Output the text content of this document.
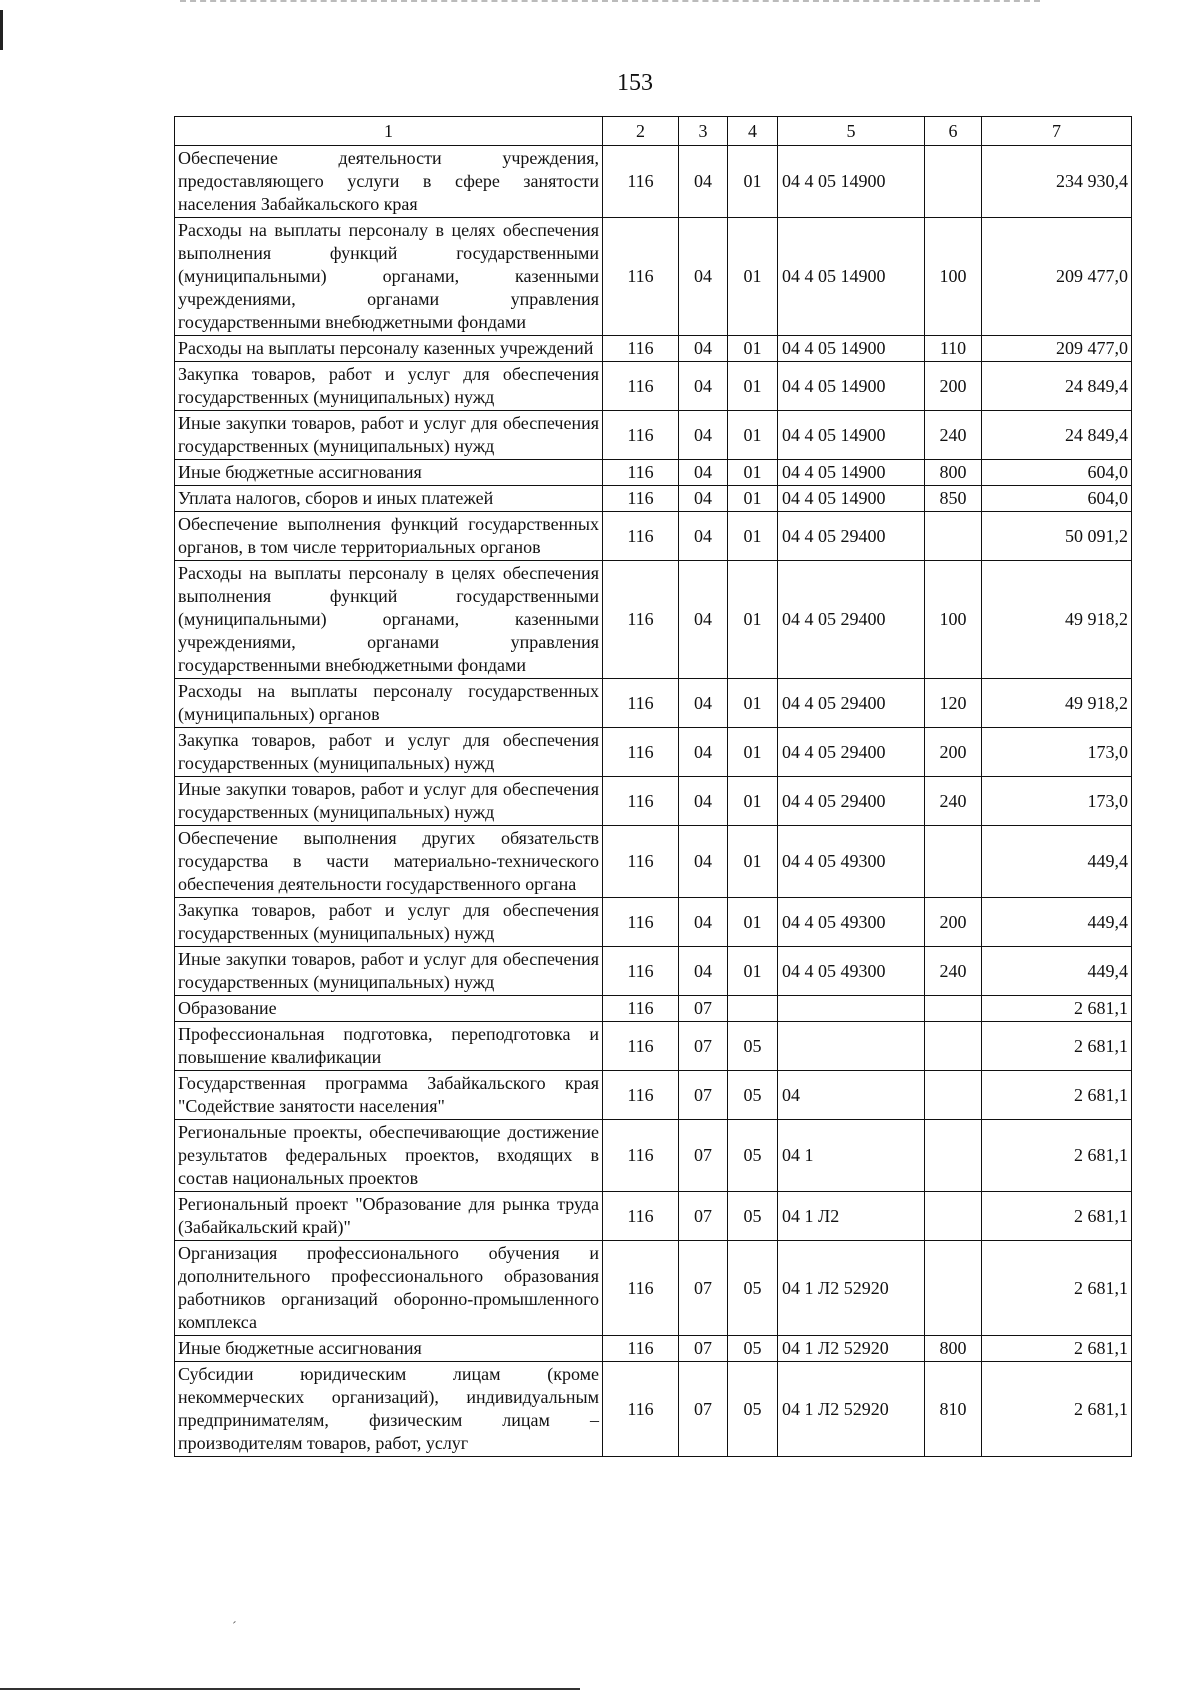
153
1	2	3	4	5	6	7
Обеспечение деятельности учреждения, предоставляющего услуги в сфере занятости населения Забайкальского края	116	04	01	04 4 05 14900		234 930,4
Расходы на выплаты персоналу в целях обеспечения выполнения функций государственными (муниципальными) органами, казенными учреждениями, органами управления государственными внебюджетными фондами	116	04	01	04 4 05 14900	100	209 477,0
Расходы на выплаты персоналу казенных учреждений	116	04	01	04 4 05 14900	110	209 477,0
Закупка товаров, работ и услуг для обеспечения государственных (муниципальных) нужд	116	04	01	04 4 05 14900	200	24 849,4
Иные закупки товаров, работ и услуг для обеспечения государственных (муниципальных) нужд	116	04	01	04 4 05 14900	240	24 849,4
Иные бюджетные ассигнования	116	04	01	04 4 05 14900	800	604,0
Уплата налогов, сборов и иных платежей	116	04	01	04 4 05 14900	850	604,0
Обеспечение выполнения функций государственных органов, в том числе территориальных органов	116	04	01	04 4 05 29400		50 091,2
Расходы на выплаты персоналу в целях обеспечения выполнения функций государственными (муниципальными) органами, казенными учреждениями, органами управления государственными внебюджетными фондами	116	04	01	04 4 05 29400	100	49 918,2
Расходы на выплаты персоналу государственных (муниципальных) органов	116	04	01	04 4 05 29400	120	49 918,2
Закупка товаров, работ и услуг для обеспечения государственных (муниципальных) нужд	116	04	01	04 4 05 29400	200	173,0
Иные закупки товаров, работ и услуг для обеспечения государственных (муниципальных) нужд	116	04	01	04 4 05 29400	240	173,0
Обеспечение выполнения других обязательств государства в части материально-технического обеспечения деятельности государственного органа	116	04	01	04 4 05 49300		449,4
Закупка товаров, работ и услуг для обеспечения государственных (муниципальных) нужд	116	04	01	04 4 05 49300	200	449,4
Иные закупки товаров, работ и услуг для обеспечения государственных (муниципальных) нужд	116	04	01	04 4 05 49300	240	449,4
Образование	116	07				2 681,1
Профессиональная подготовка, переподготовка и повышение квалификации	116	07	05			2 681,1
Государственная программа Забайкальского края "Содействие занятости населения"	116	07	05	04		2 681,1
Региональные проекты, обеспечивающие достижение результатов федеральных проектов, входящих в состав национальных проектов	116	07	05	04 1		2 681,1
Региональный проект "Образование для рынка труда (Забайкальский край)"	116	07	05	04 1 Л2		2 681,1
Организация профессионального обучения и дополнительного профессионального образования работников организаций оборонно-промышленного комплекса	116	07	05	04 1 Л2 52920		2 681,1
Иные бюджетные ассигнования	116	07	05	04 1 Л2 52920	800	2 681,1
Субсидии юридическим лицам (кроме некоммерческих организаций), индивидуальным предпринимателям, физическим лицам – производителям товаров, работ, услуг	116	07	05	04 1 Л2 52920	810	2 681,1
´
